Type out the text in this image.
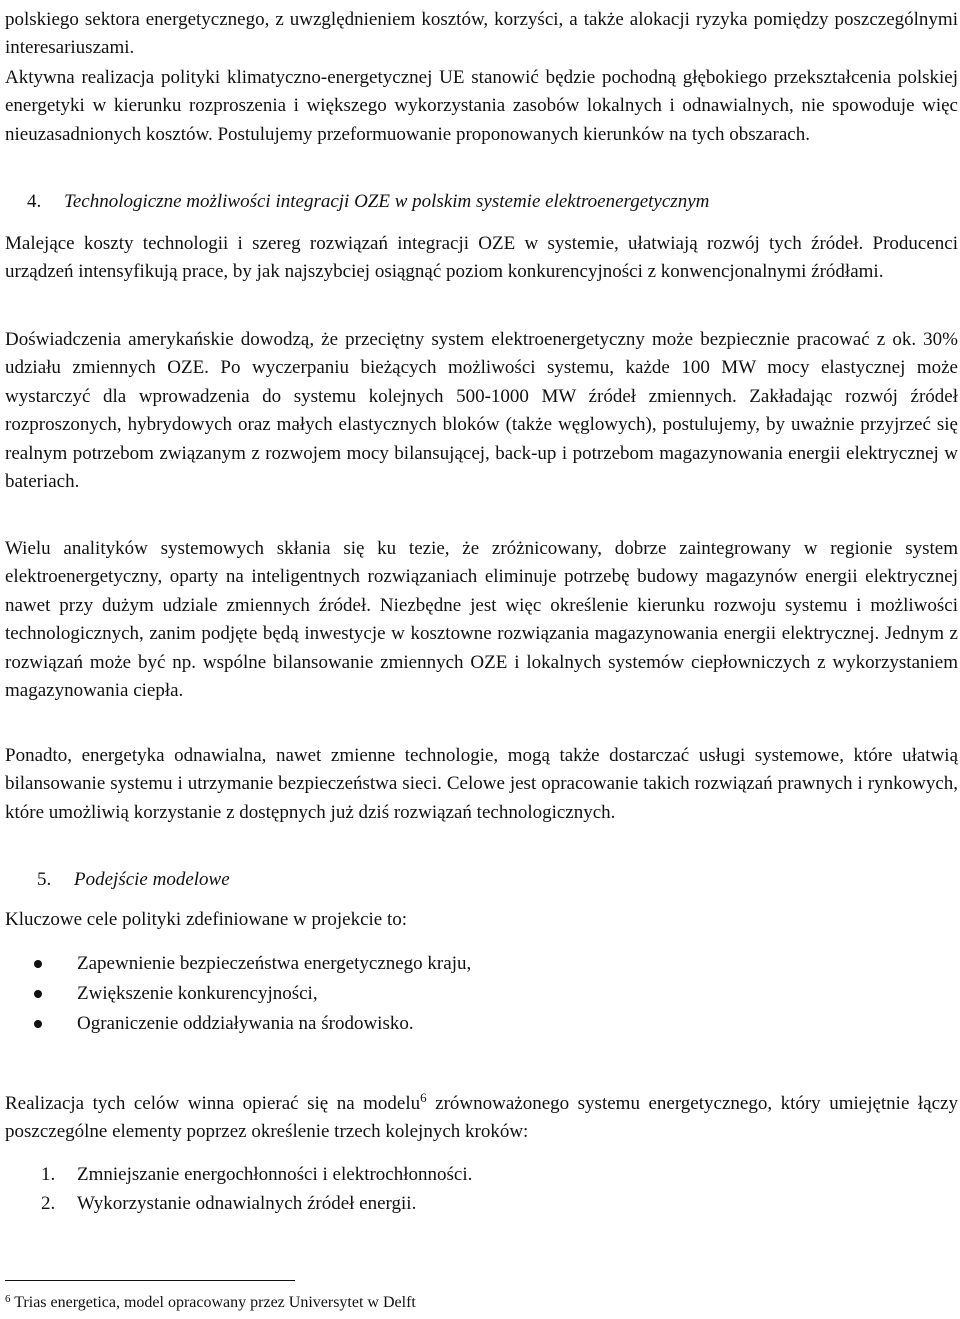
polskiego sektora energetycznego, z uwzględnieniem kosztów, korzyści, a także alokacji ryzyka pomiędzy poszczególnymi interesariuszami.

Aktywna realizacja polityki klimatyczno-energetycznej UE stanowić będzie pochodną głębokiego przekształcenia polskiej energetyki w kierunku rozproszenia i większego wykorzystania zasobów lokalnych i odnawialnych, nie spowoduje więc nieuzasadnionych kosztów. Postulujemy przeformuowanie proponowanych kierunków na tych obszarach.

4. Technologiczne możliwości integracji OZE w polskim systemie elektroenergetycznym

Malejące koszty technologii i szereg rozwiązań integracji OZE w systemie, ułatwiają rozwój tych źródeł. Producenci urządzeń intensyfikują prace, by jak najszybciej osiągnąć poziom konkurencyjności z konwencjonalnymi źródłami.

Doświadczenia amerykańskie dowodzą, że przeciętny system elektroenergetyczny może bezpiecznie pracować z ok. 30% udziału zmiennych OZE. Po wyczerpaniu bieżących możliwości systemu, każde 100 MW mocy elastycznej może wystarczyć dla wprowadzenia do systemu kolejnych 500-1000 MW źródeł zmiennych. Zakładając rozwój źródeł rozproszonych, hybrydowych oraz małych elastycznych bloków (także węglowych), postulujemy, by uważnie przyjrzeć się realnym potrzebom związanym z rozwojem mocy bilansującej, back-up i potrzebom magazynowania energii elektrycznej w bateriach.

Wielu analityków systemowych skłania się ku tezie, że zróżnicowany, dobrze zaintegrowany w regionie system elektroenergetyczny, oparty na inteligentnych rozwiązaniach eliminuje potrzebę budowy magazynów energii elektrycznej nawet przy dużym udziale zmiennych źródeł. Niezbędne jest więc określenie kierunku rozwoju systemu i możliwości technologicznych, zanim podjęte będą inwestycje w kosztowne rozwiązania magazynowania energii elektrycznej. Jednym z rozwiązań może być np. wspólne bilansowanie zmiennych OZE i lokalnych systemów ciepłowniczych z wykorzystaniem magazynowania ciepła.

Ponadto, energetyka odnawialna, nawet zmienne technologie, mogą także dostarczać usługi systemowe, które ułatwią bilansowanie systemu i utrzymanie bezpieczeństwa sieci. Celowe jest opracowanie takich rozwiązań prawnych i rynkowych, które umożliwią korzystanie z dostępnych już dziś rozwiązań technologicznych.

5. Podejście modelowe

Kluczowe cele polityki zdefiniowane w projekcie to:

Zapewnienie bezpieczeństwa energetycznego kraju,
Zwiększenie konkurencyjności,
Ograniczenie oddziaływania na środowisko.

Realizacja tych celów winna opierać się na modelu$^6$ zrównoważonego systemu energetycznego, który umiejętnie łączy poszczególne elementy poprzez określenie trzech kolejnych kroków:

1. Zmniejszanie energochłonności i elektrochłonności.
2. Wykorzystanie odnawialnych źródeł energii.
$^6$ Trias energetica, model opracowany przez Universytet w Delft
